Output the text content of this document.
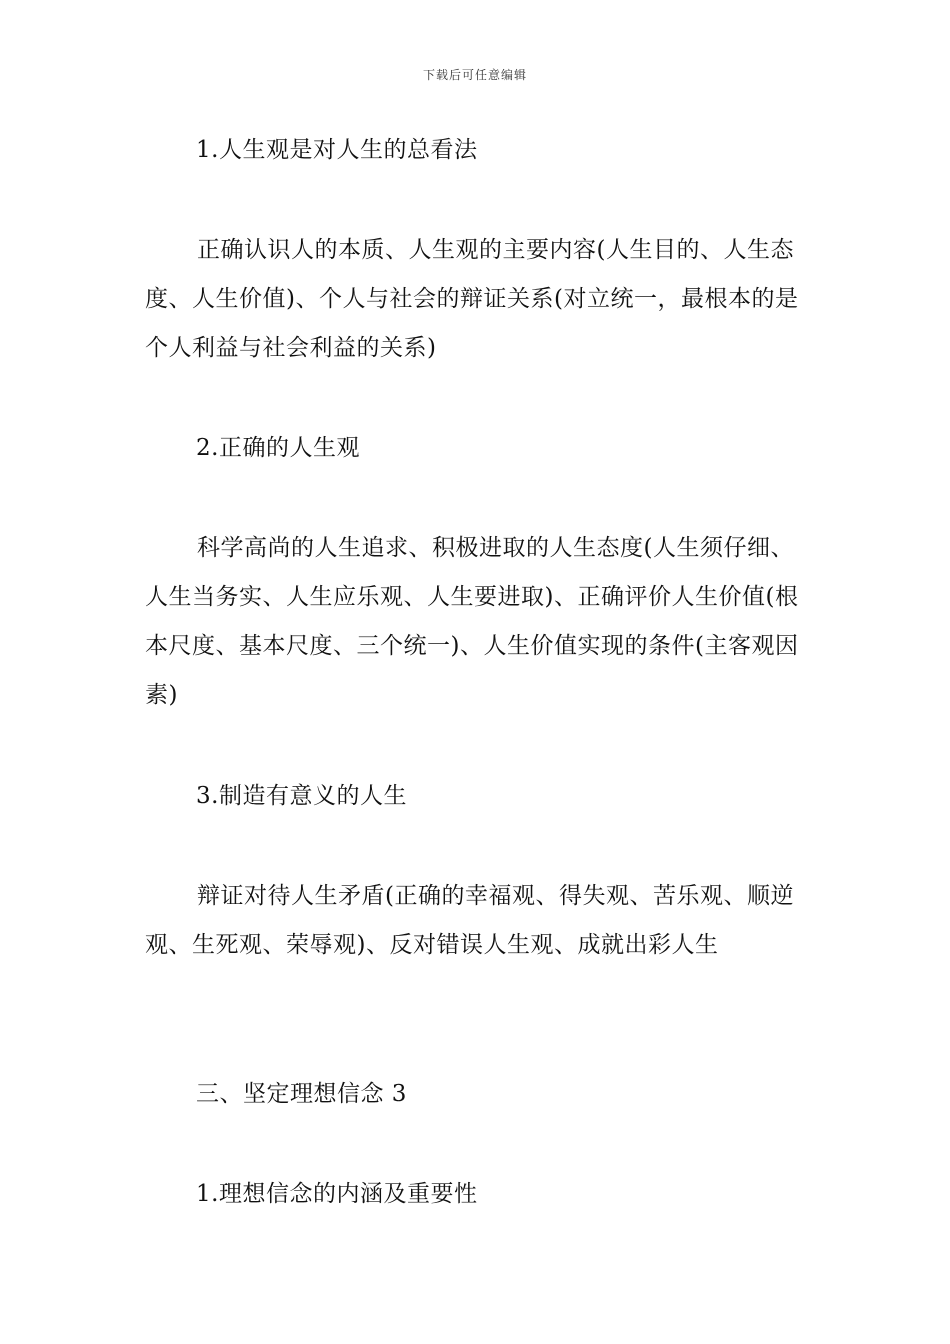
下载后可任意编辑
1.人生观是对人生的总看法
正确认识人的本质、人生观的主要内容(人生目的、人生态度、人生价值)、个人与社会的辩证关系(对立统一，最根本的是个人利益与社会利益的关系)
2.正确的人生观
科学高尚的人生追求、积极进取的人生态度(人生须仔细、人生当务实、人生应乐观、人生要进取)、正确评价人生价值(根本尺度、基本尺度、三个统一)、人生价值实现的条件(主客观因素)
3.制造有意义的人生
辩证对待人生矛盾(正确的幸福观、得失观、苦乐观、顺逆观、生死观、荣辱观)、反对错误人生观、成就出彩人生
三、坚定理想信念 3
1.理想信念的内涵及重要性
